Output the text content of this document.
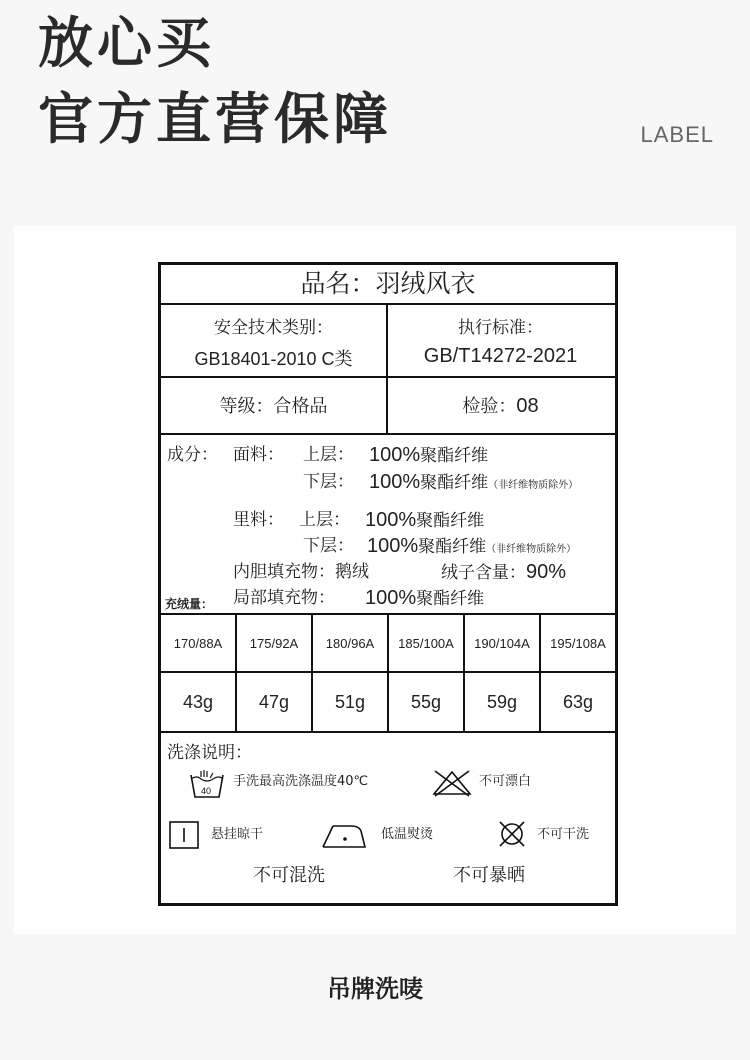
放心买
官方直营保障	LABEL
品名：羽绒风衣
安全技术类别：
GB18401-2010 C类
执行标准：
GB/T14272-2021
等级：合格品	检验：08
成分： 面料： 上层： 100%聚酯纤维
下层： 100%聚酯纤维（非纤维物质除外）
里料： 上层： 100%聚酯纤维
下层： 100%聚酯纤维（非纤维物质除外）
内胆填充物：鹅绒	绒子含量：90%
局部填充物： 100%聚酯纤维
充绒量：
170/88A	175/92A	180/96A	185/100A	190/104A	195/108A
43g	47g	51g	55g	59g	63g
洗涤说明：
40
手洗最高洗涤温度40℃	不可漂白
悬挂晾干	低温熨烫	不可干洗
不可混洗	不可暴晒
吊牌洗唛
